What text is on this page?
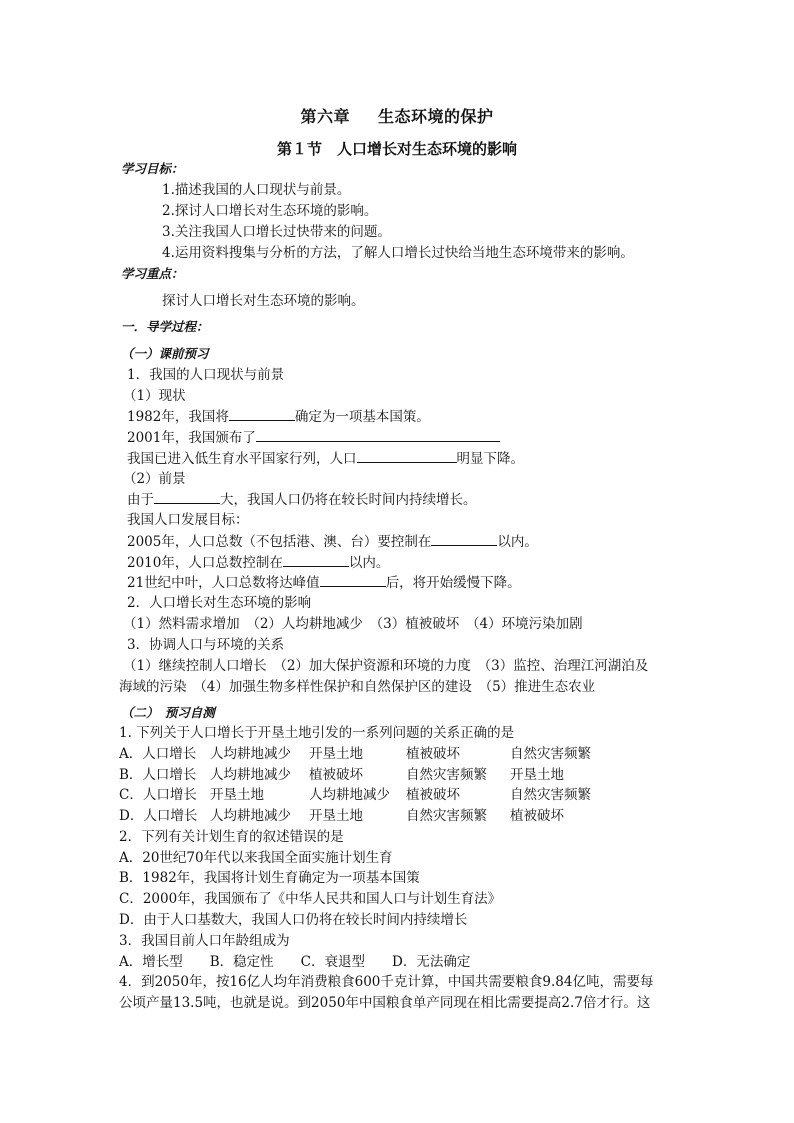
第六章 生态环境的保护
第１节　人口增长对生态环境的影响
学习目标：
1.描述我国的人口现状与前景。
2.探讨人口增长对生态环境的影响。
3.关注我国人口增长过快带来的问题。
4.运用资料搜集与分析的方法，了解人口增长过快给当地生态环境带来的影响。
学习重点：
探讨人口增长对生态环境的影响。
一．导学过程：
（一）课前预习
1．我国的人口现状与前景
（1）现状
1982年，我国将	确定为一项基本国策。
2001年，我国颁布了
我国已进入低生育水平国家行列，人口	明显下降。
（2）前景
由于	大，我国人口仍将在较长时间内持续增长。
我国人口发展目标：
2005年，人口总数（不包括港、澳、台）要控制在	以内。
2010年，人口总数控制在	以内。
21世纪中叶，人口总数将达峰值	后，将开始缓慢下降。
2．人口增长对生态环境的影响
（1）然料需求增加　（2）人均耕地减少　（3）植被破坏　（4）环境污染加剧
3．协调人口与环境的关系
（1）继续控制人口增长　（2）加大保护资源和环境的力度　（3）监控、治理江河湖泊及
海域的污染　（4）加强生物多样性保护和自然保护区的建设　（5）推进生态农业
（二）　预习自测
1. 下列关于人口增长于开垦土地引发的一系列问题的关系正确的是
A．人口增长 人均耕地减少 开垦土地	植被破坏	自然灾害频繁
B．人口增长 人均耕地减少 植被破坏	自然灾害频繁 开垦土地
C．人口增长 开垦土地	人均耕地减少 植被破坏	自然灾害频繁
D．人口增长 人均耕地减少 开垦土地	自然灾害频繁 植被破坏
2．下列有关计划生育的叙述错误的是
A．20世纪70年代以来我国全面实施计划生育
B．1982年，我国将计划生育确定为一项基本国策
C．2000年，我国颁布了《中华人民共和国人口与计划生育法》
D．由于人口基数大，我国人口仍将在较长时间内持续增长
3．我国目前人口年龄组成为
A．增长型　　B．稳定性　　C．衰退型　　D．无法确定
4．到2050年，按16亿人均年消费粮食600千克计算，中国共需要粮食9.84亿吨，需要每
公顷产量13.5吨，也就是说。到2050年中国粮食单产同现在相比需要提高2.7倍才行。这
